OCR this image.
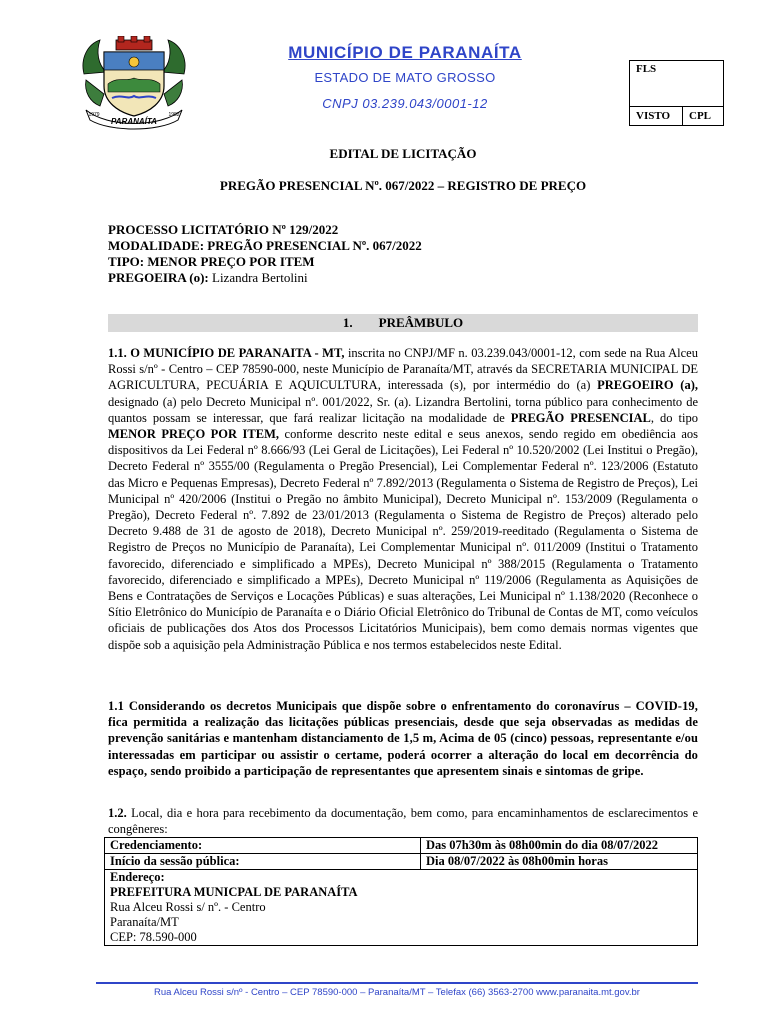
PARANAÍTA
1979	1982
MUNICÍPIO DE PARANAÍTA
ESTADO DE MATO GROSSO
CNPJ 03.239.043/0001-12
FLS
VISTO	CPL
EDITAL DE LICITAÇÃO
PREGÃO PRESENCIAL Nº. 067/2022 – REGISTRO DE PREÇO
PROCESSO LICITATÓRIO Nº 129/2022
MODALIDADE: PREGÃO PRESENCIAL Nº. 067/2022
TIPO: MENOR PREÇO POR ITEM
PREGOEIRA (o): Lizandra Bertolini
1. PREÂMBULO
1.1. O MUNICÍPIO DE PARANAITA - MT, inscrita no CNPJ/MF n. 03.239.043/0001-12, com sede na Rua Alceu Rossi s/nº - Centro – CEP 78590-000, neste Município de Paranaíta/MT, através da SECRETARIA MUNICIPAL DE AGRICULTURA, PECUÁRIA E AQUICULTURA, interessada (s), por intermédio do (a) PREGOEIRO (a), designado (a) pelo Decreto Municipal nº. 001/2022, Sr. (a). Lizandra Bertolini, torna público para conhecimento de quantos possam se interessar, que fará realizar licitação na modalidade de PREGÃO PRESENCIAL, do tipo MENOR PREÇO POR ITEM, conforme descrito neste edital e seus anexos, sendo regido em obediência aos dispositivos da Lei Federal nº 8.666/93 (Lei Geral de Licitações), Lei Federal nº 10.520/2002 (Lei Institui o Pregão), Decreto Federal nº 3555/00 (Regulamenta o Pregão Presencial), Lei Complementar Federal nº. 123/2006 (Estatuto das Micro e Pequenas Empresas), Decreto Federal nº 7.892/2013 (Regulamenta o Sistema de Registro de Preços), Lei Municipal nº 420/2006 (Institui o Pregão no âmbito Municipal), Decreto Municipal nº. 153/2009 (Regulamenta o Pregão), Decreto Federal nº. 7.892 de 23/01/2013 (Regulamenta o Sistema de Registro de Preços) alterado pelo Decreto 9.488 de 31 de agosto de 2018), Decreto Municipal nº. 259/2019-reeditado (Regulamenta o Sistema de Registro de Preços no Município de Paranaíta), Lei Complementar Municipal nº. 011/2009 (Institui o Tratamento favorecido, diferenciado e simplificado a MPEs), Decreto Municipal nº 388/2015 (Regulamenta o Tratamento favorecido, diferenciado e simplificado a MPEs), Decreto Municipal nº 119/2006 (Regulamenta as Aquisições de Bens e Contratações de Serviços e Locações Públicas) e suas alterações, Lei Municipal nº 1.138/2020 (Reconhece o Sítio Eletrônico do Município de Paranaíta e o Diário Oficial Eletrônico do Tribunal de Contas de MT, como veículos oficiais de publicações dos Atos dos Processos Licitatórios Municipais), bem como demais normas vigentes que dispõe sob a aquisição pela Administração Pública e nos termos estabelecidos neste Edital.
1.1 Considerando os decretos Municipais que dispõe sobre o enfrentamento do coronavírus – COVID-19, fica permitida a realização das licitações públicas presenciais, desde que seja observadas as medidas de prevenção sanitárias e mantenham distanciamento de 1,5 m, Acima de 05 (cinco) pessoas, representante e/ou interessadas em participar ou assistir o certame, poderá ocorrer a alteração do local em decorrência do espaço, sendo proibido a participação de representantes que apresentem sinais e sintomas de gripe.
1.2. Local, dia e hora para recebimento da documentação, bem como, para encaminhamentos de esclarecimentos e congêneres:
Credenciamento:	Das 07h30m às 08h00min do dia 08/07/2022
Início da sessão pública:	Dia 08/07/2022 às 08h00min horas

Endereço:
PREFEITURA MUNICPAL DE PARANAÍTA
Rua Alceu Rossi s/ nº. - Centro
Paranaíta/MT
CEP: 78.590-000	
Rua Alceu Rossi s/nº - Centro – CEP 78590-000 – Paranaíta/MT – Telefax (66) 3563-2700 www.paranaita.mt.gov.br
